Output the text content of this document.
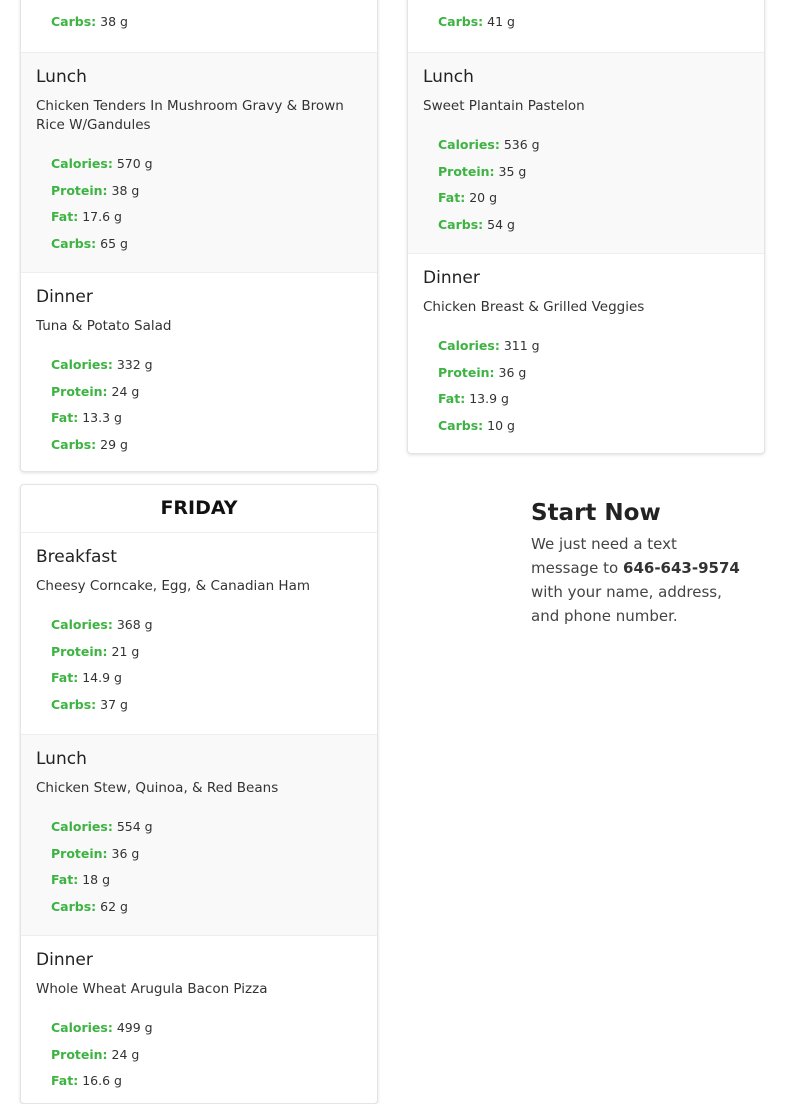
Carbs: 38 g
Lunch
Chicken Tenders In Mushroom Gravy & Brown Rice W/Gandules
Calories: 570 g
Protein: 38 g
Fat: 17.6 g
Carbs: 65 g
Dinner
Tuna & Potato Salad
Calories: 332 g
Protein: 24 g
Fat: 13.3 g
Carbs: 29 g
Carbs: 41 g
Lunch
Sweet Plantain Pastelon
Calories: 536 g
Protein: 35 g
Fat: 20 g
Carbs: 54 g
Dinner
Chicken Breast & Grilled Veggies
Calories: 311 g
Protein: 36 g
Fat: 13.9 g
Carbs: 10 g
FRIDAY
Breakfast
Cheesy Corncake, Egg, & Canadian Ham
Calories: 368 g
Protein: 21 g
Fat: 14.9 g
Carbs: 37 g
Lunch
Chicken Stew, Quinoa, & Red Beans
Calories: 554 g
Protein: 36 g
Fat: 18 g
Carbs: 62 g
Dinner
Whole Wheat Arugula Bacon Pizza
Calories: 499 g
Protein: 24 g
Fat: 16.6 g
Start Now

We just need a text message to 646-643-9574 with your name, address, and phone number.
